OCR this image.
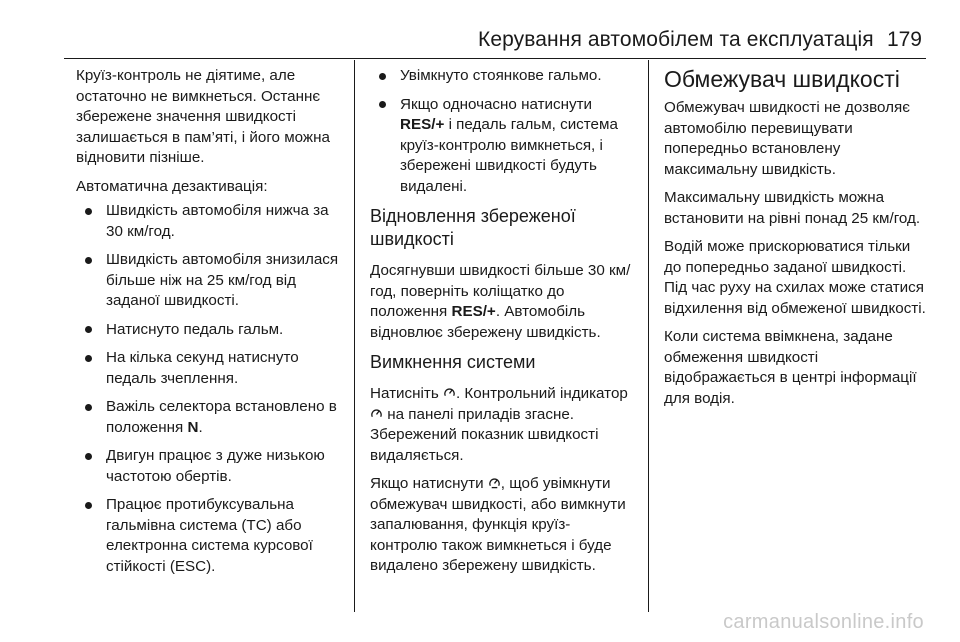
Керування автомобілем та експлуатація 179

Круїз-контроль не діятиме, але остаточно не вимкнеться. Останнє збережене значення швидкості залишається в пам’яті, і його можна відновити пізніше.

Автоматична дезактивація:

Швидкість автомобіля нижча за 30 км/год.
Швидкість автомобіля знизилася більше ніж на 25 км/год від заданої швидкості.
Натиснуто педаль гальм.
На кілька секунд натиснуто педаль зчеплення.
Важіль селектора встановлено в положення N.
Двигун працює з дуже низькою частотою обертів.
Працює протибуксувальна гальмівна система (TC) або електронна система курсової стійкості (ESC).
Увімкнуто стоянкове гальмо.
Якщо одночасно натиснути RES/+ і педаль гальм, система круїз-контролю вимкнеться, і збережені швидкості будуть видалені.
Відновлення збереженої швидкості

Досягнувши швидкості більше 30 км/год, поверніть коліщатко до положення RES/+. Автомобіль відновлює збережену швидкість.

Вимкнення системи

Натисніть . Контрольний індикатор  на панелі приладів згасне. Збережений показник швидкості видаляється.

Якщо натиснути , щоб увімкнути обмежувач швидкості, або вимкнути запалювання, функція круїз-контролю також вимкнеться і буде видалено збережену швидкість.

Обмежувач швидкості

Обмежувач швидкості не дозволяє автомобілю перевищувати попередньо встановлену максимальну швидкість.

Максимальну швидкість можна встановити на рівні понад 25 км/год.

Водій може прискорюватися тільки до попередньо заданої швидкості. Під час руху на схилах може статися відхилення від обмеженої швидкості.

Коли система ввімкнена, задане обмеження швидкості відображається в центрі інформації для водія.

carmanualsonline.info
